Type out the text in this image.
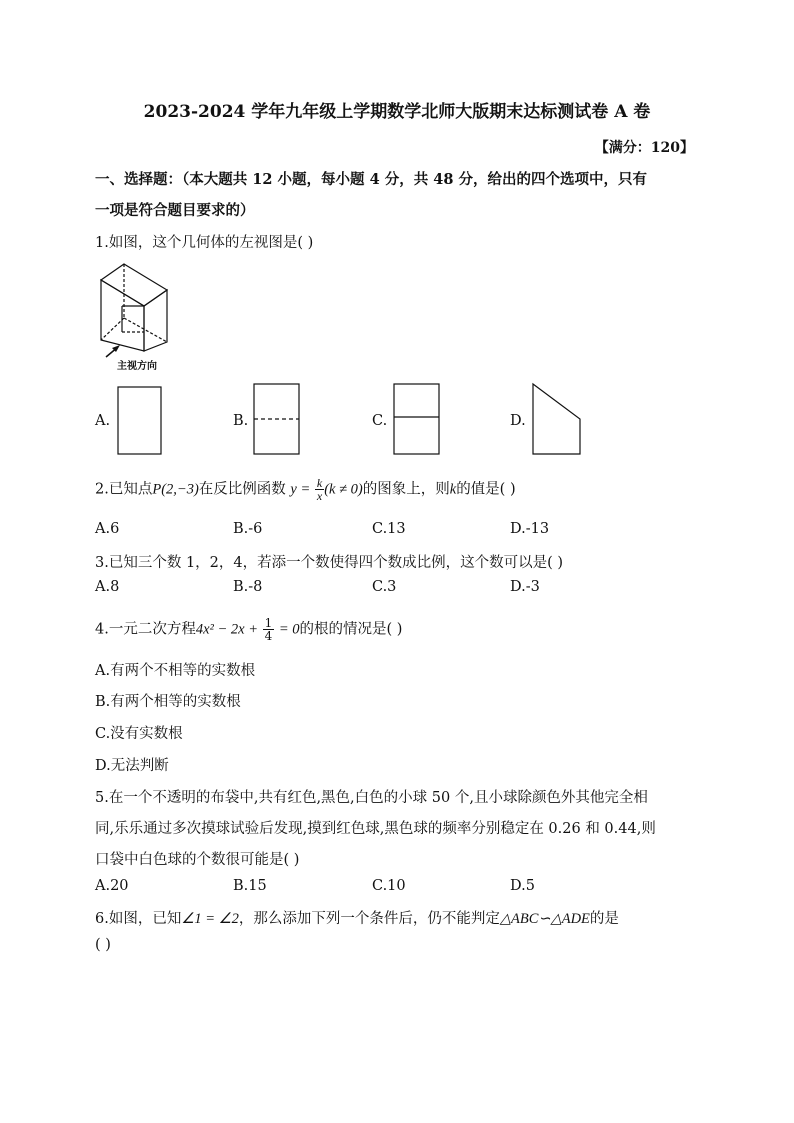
2023-2024 学年九年级上学期数学北师大版期末达标测试卷 A 卷
【满分：120】
一、选择题：（本大题共 12 小题，每小题 4 分，共 48 分，给出的四个选项中，只有
一项是符合题目要求的）
1.如图，这个几何体的左视图是( )
主视方向
A.	B.	C.	D.
2.已知点P(2,−3)在反比例函数 $y = \frac{k}{x} (k \ne 0)$的图象上，则k的值是( )
A.6	B.-6	C.13	D.-13
3.已知三个数 1，2，4，若添一个数使得四个数成比例，这个数可以是( )
A.8	B.-8	C.3	D.-3
4.一元二次方程$4x^2 - 2x + \frac{1}{4} = 0$的根的情况是( )
A.有两个不相等的实数根
B.有两个相等的实数根
C.没有实数根
D.无法判断
5.在一个不透明的布袋中,共有红色,黑色,白色的小球 50 个,且小球除颜色外其他完全相
同,乐乐通过多次摸球试验后发现,摸到红色球,黑色球的频率分别稳定在 0.26 和 0.44,则
口袋中白色球的个数很可能是( )
A.20	B.15	C.10	D.5
6.如图，已知∠1 = ∠2，那么添加下列一个条件后，仍不能判定△ABC∽△ADE的是
( )
